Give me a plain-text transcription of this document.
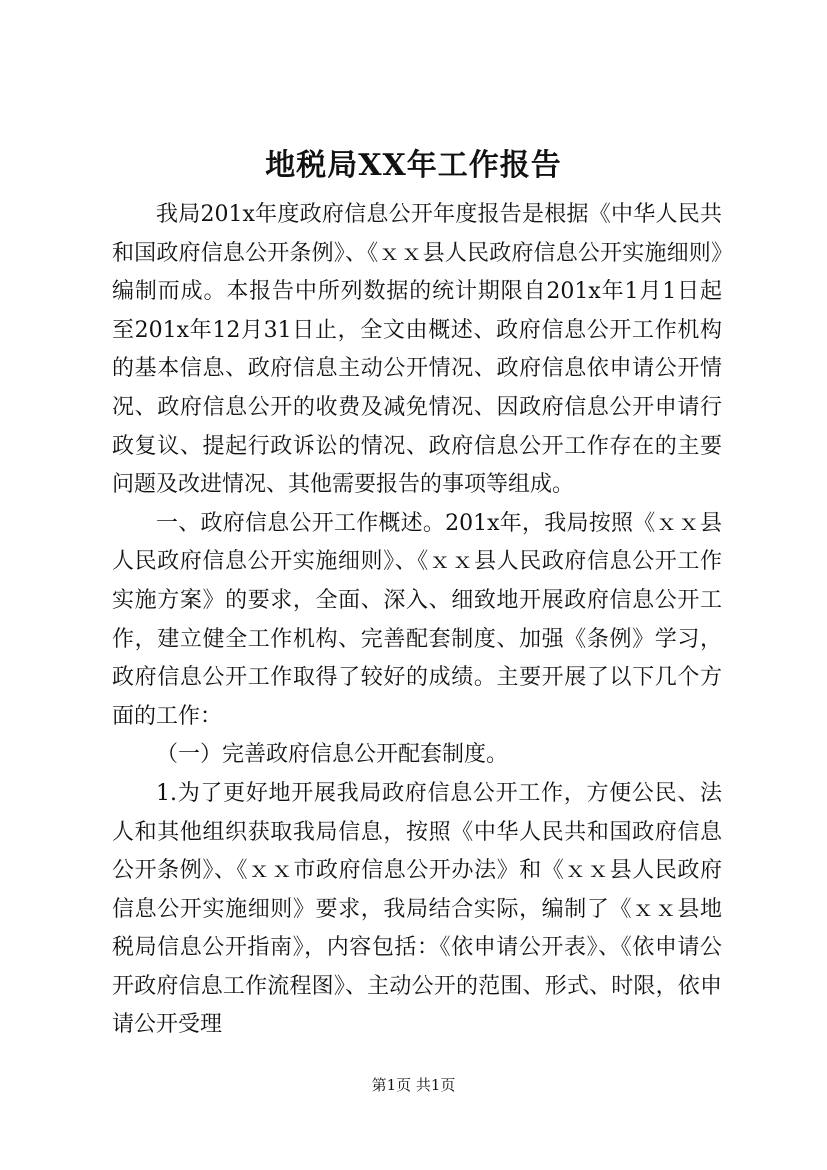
地税局XX年工作报告

我局201x年度政府信息公开年度报告是根据《中华人民共和国政府信息公开条例》、《ｘｘ县人民政府信息公开实施细则》编制而成。本报告中所列数据的统计期限自201x年1月1日起至201x年12月31日止，全文由概述、政府信息公开工作机构的基本信息、政府信息主动公开情况、政府信息依申请公开情况、政府信息公开的收费及减免情况、因政府信息公开申请行政复议、提起行政诉讼的情况、政府信息公开工作存在的主要问题及改进情况、其他需要报告的事项等组成。

一、政府信息公开工作概述。201x年，我局按照《ｘｘ县人民政府信息公开实施细则》、《ｘｘ县人民政府信息公开工作实施方案》的要求，全面、深入、细致地开展政府信息公开工作，建立健全工作机构、完善配套制度、加强《条例》学习，政府信息公开工作取得了较好的成绩。主要开展了以下几个方面的工作：

（一）完善政府信息公开配套制度。

1.为了更好地开展我局政府信息公开工作，方便公民、法人和其他组织获取我局信息，按照《中华人民共和国政府信息公开条例》、《ｘｘ市政府信息公开办法》和《ｘｘ县人民政府信息公开实施细则》要求，我局结合实际，编制了《ｘｘ县地税局信息公开指南》，内容包括：《依申请公开表》、《依申请公开政府信息工作流程图》、主动公开的范围、形式、时限，依申请公开受理

第1页 共1页
